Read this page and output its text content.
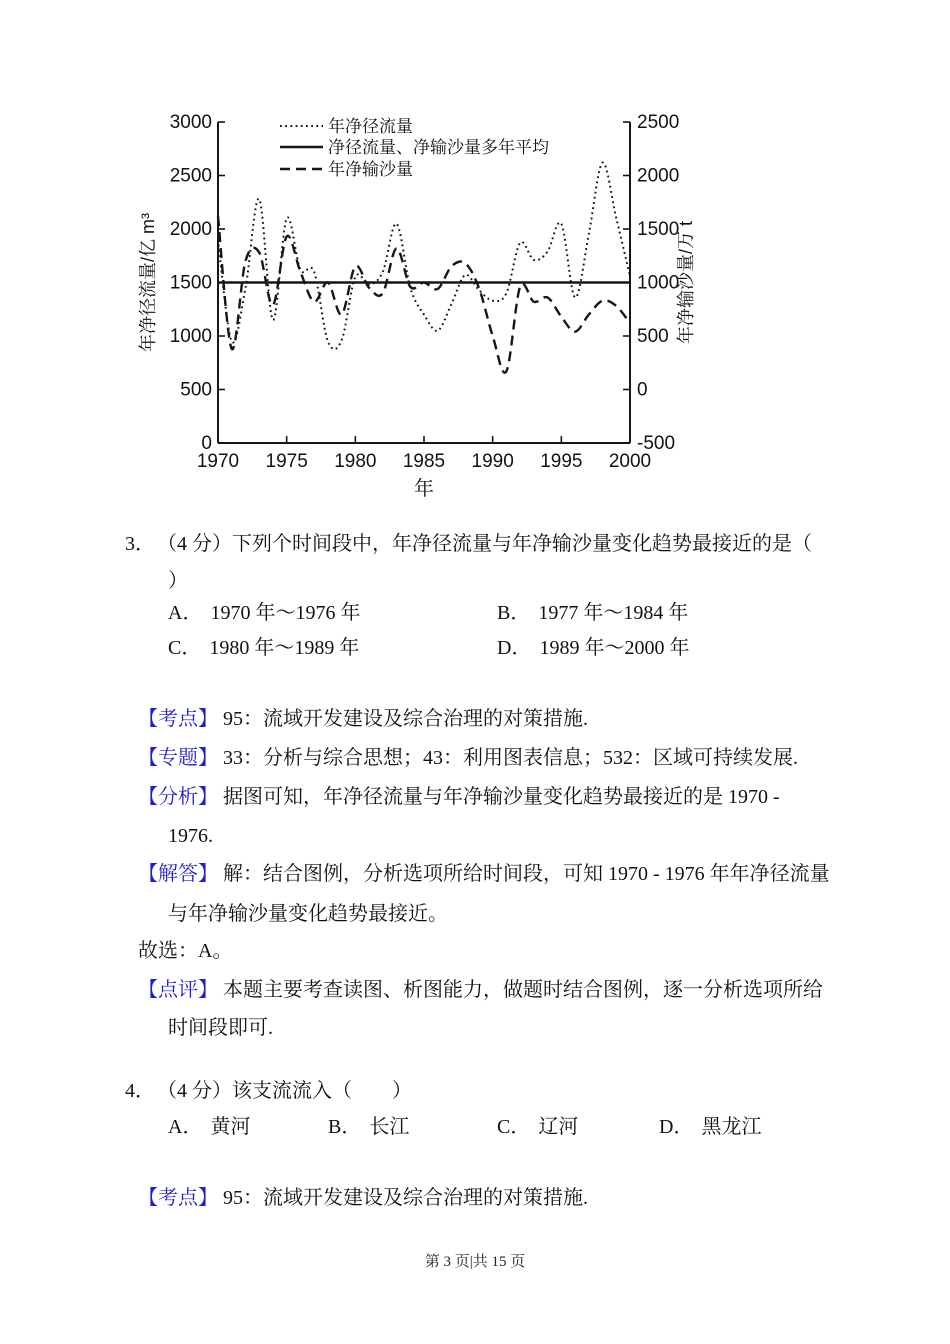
0
500
1000
1500
2000
2500
3000
-500
0
500
1000
1500
2000
2500
1970 1975 1980 1985 1990 1995 2000
年
年净径流量/亿 m³	年净输沙量/万 t
年净径流量
净径流量、净输沙量多年平均
年净输沙量
3． （4 分）下列个时间段中，年净径流量与年净输沙量变化趋势最接近的是（
）
A． 1970 年～1976 年	B． 1977 年～1984 年
C． 1980 年～1989 年	D． 1989 年～2000 年
【考点】 95：流域开发建设及综合治理的对策措施.
【专题】 33：分析与综合思想；43：利用图表信息；532：区域可持续发展.
【分析】 据图可知，年净径流量与年净输沙量变化趋势最接近的是 1970 -
1976.
【解答】 解：结合图例，分析选项所给时间段，可知 1970 - 1976 年年净径流量
与年净输沙量变化趋势最接近。
故选：A。
【点评】 本题主要考查读图、析图能力，做题时结合图例，逐一分析选项所给
时间段即可.
4． （4 分）该支流流入（　　）
A． 黄河	B． 长江	C． 辽河	D． 黑龙江
【考点】 95：流域开发建设及综合治理的对策措施.
第 3 页|共 15 页
